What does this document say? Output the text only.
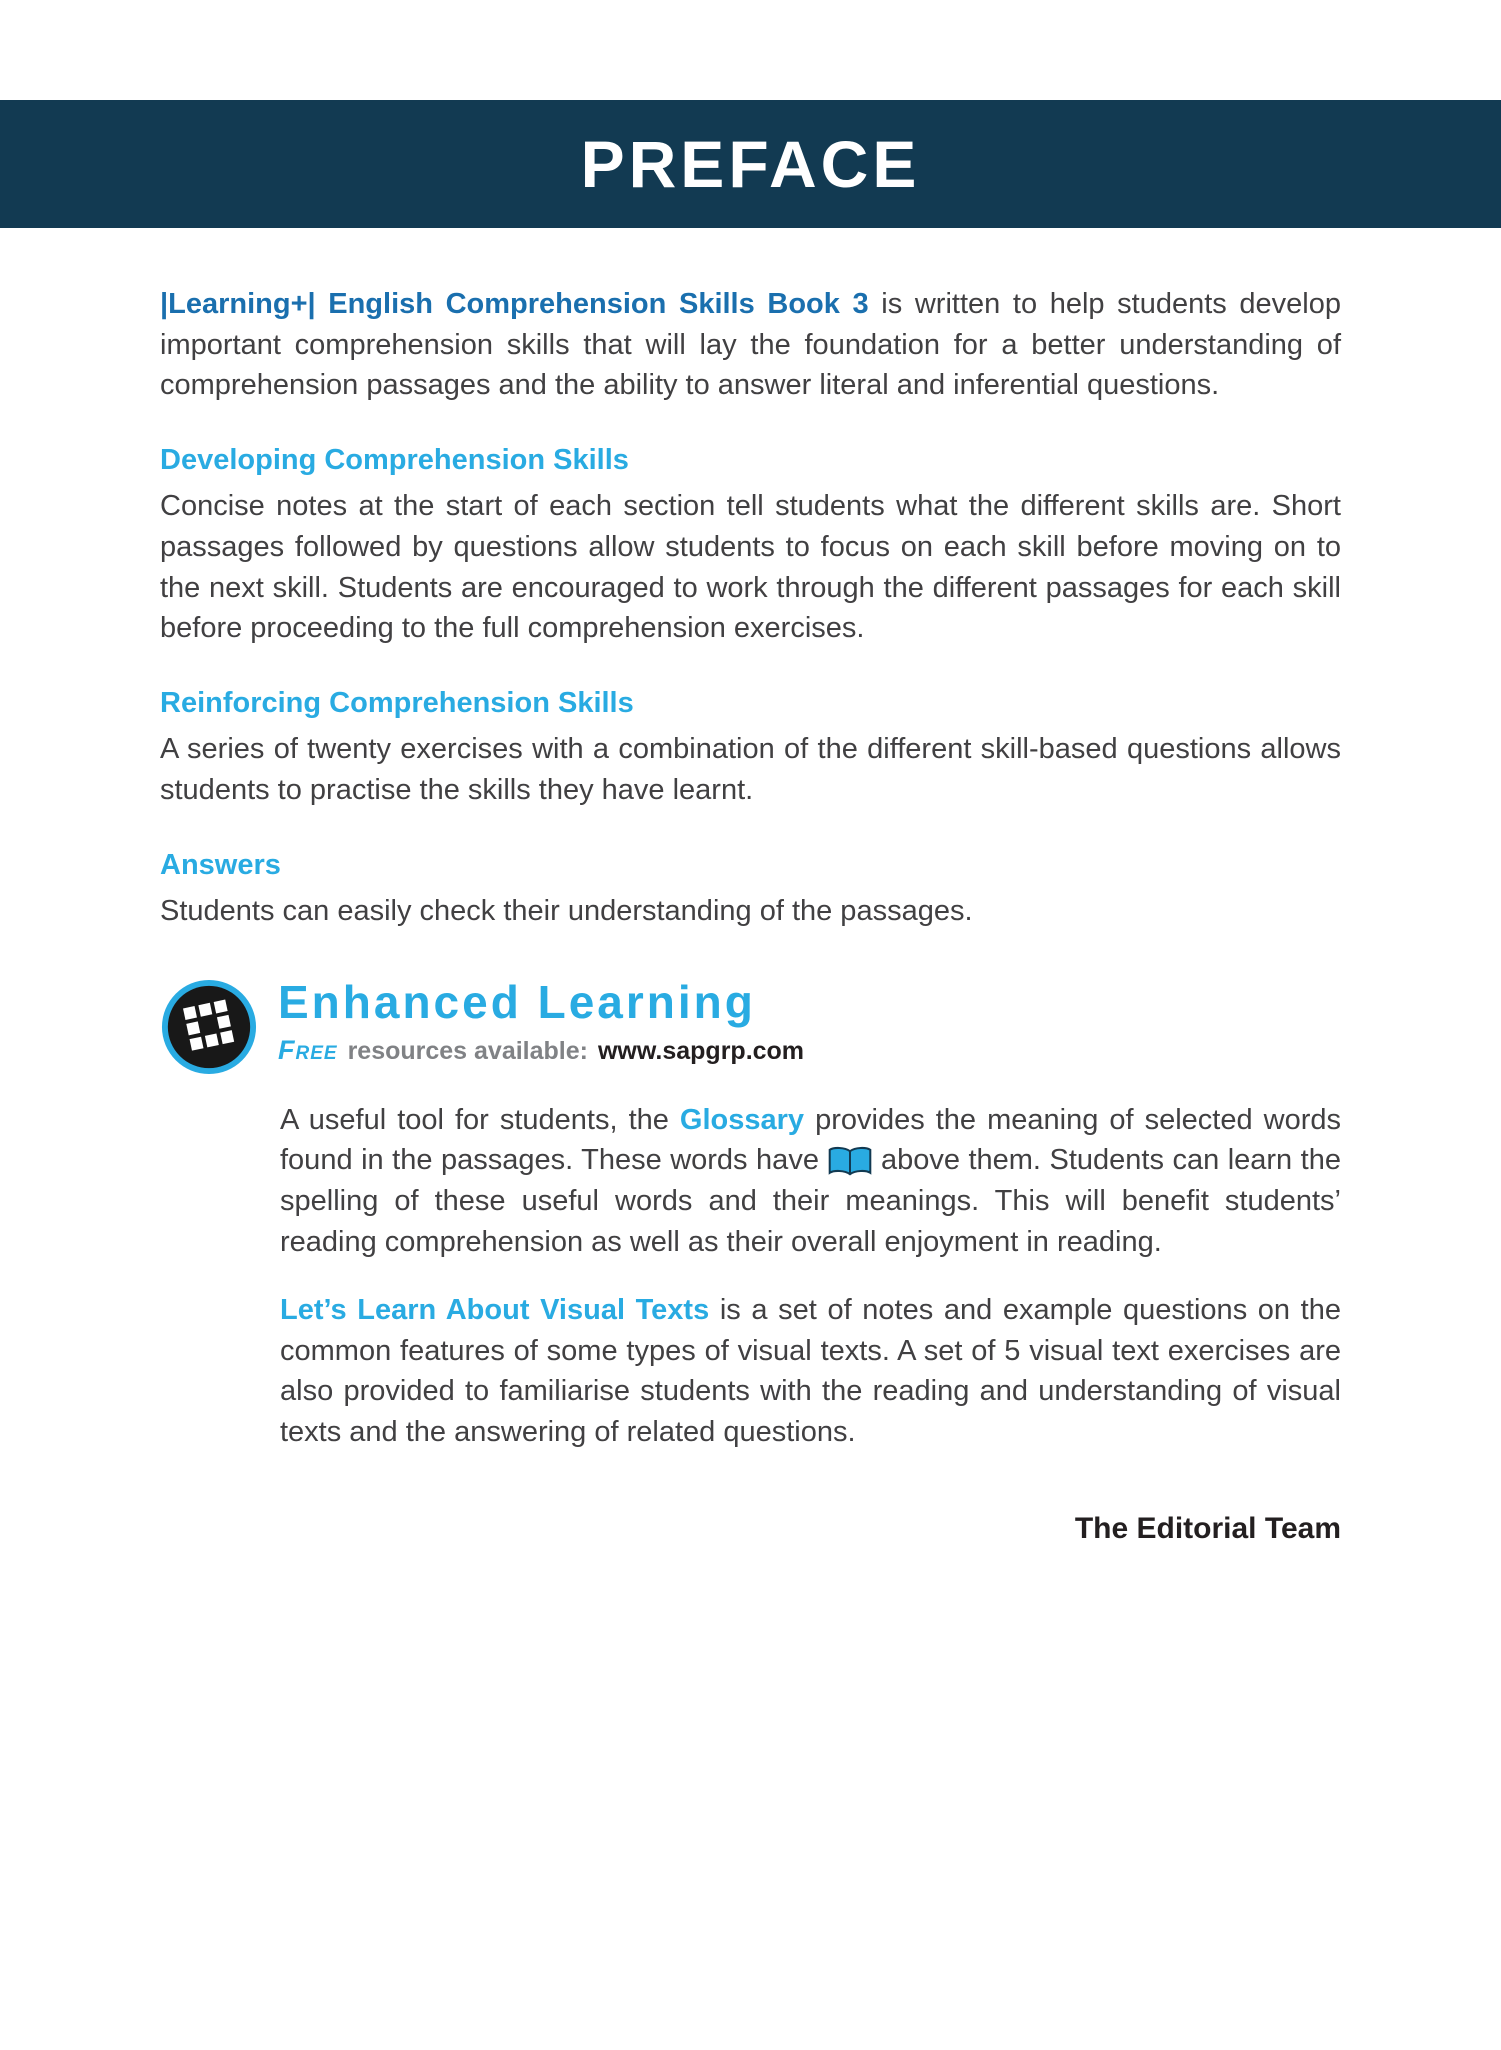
PREFACE

|Learning+| English Comprehension Skills Book 3 is written to help students develop important comprehension skills that will lay the foundation for a better understanding of comprehension passages and the ability to answer literal and inferential questions.

Developing Comprehension Skills

Concise notes at the start of each section tell students what the different skills are. Short passages followed by questions allow students to focus on each skill before moving on to the next skill. Students are encouraged to work through the different passages for each skill before proceeding to the full comprehension exercises.

Reinforcing Comprehension Skills

A series of twenty exercises with a combination of the different skill-based questions allows students to practise the skills they have learnt.

Answers

Students can easily check their understanding of the passages.

Enhanced Learning
Free resources available: www.sapgrp.com

A useful tool for students, the Glossary provides the meaning of selected words found in the passages. These words have above them. Students can learn the spelling of these useful words and their meanings. This will benefit students’ reading comprehension as well as their overall enjoyment in reading.

Let’s Learn About Visual Texts is a set of notes and example questions on the common features of some types of visual texts. A set of 5 visual text exercises are also provided to familiarise students with the reading and understanding of visual texts and the answering of related questions.

The Editorial Team
